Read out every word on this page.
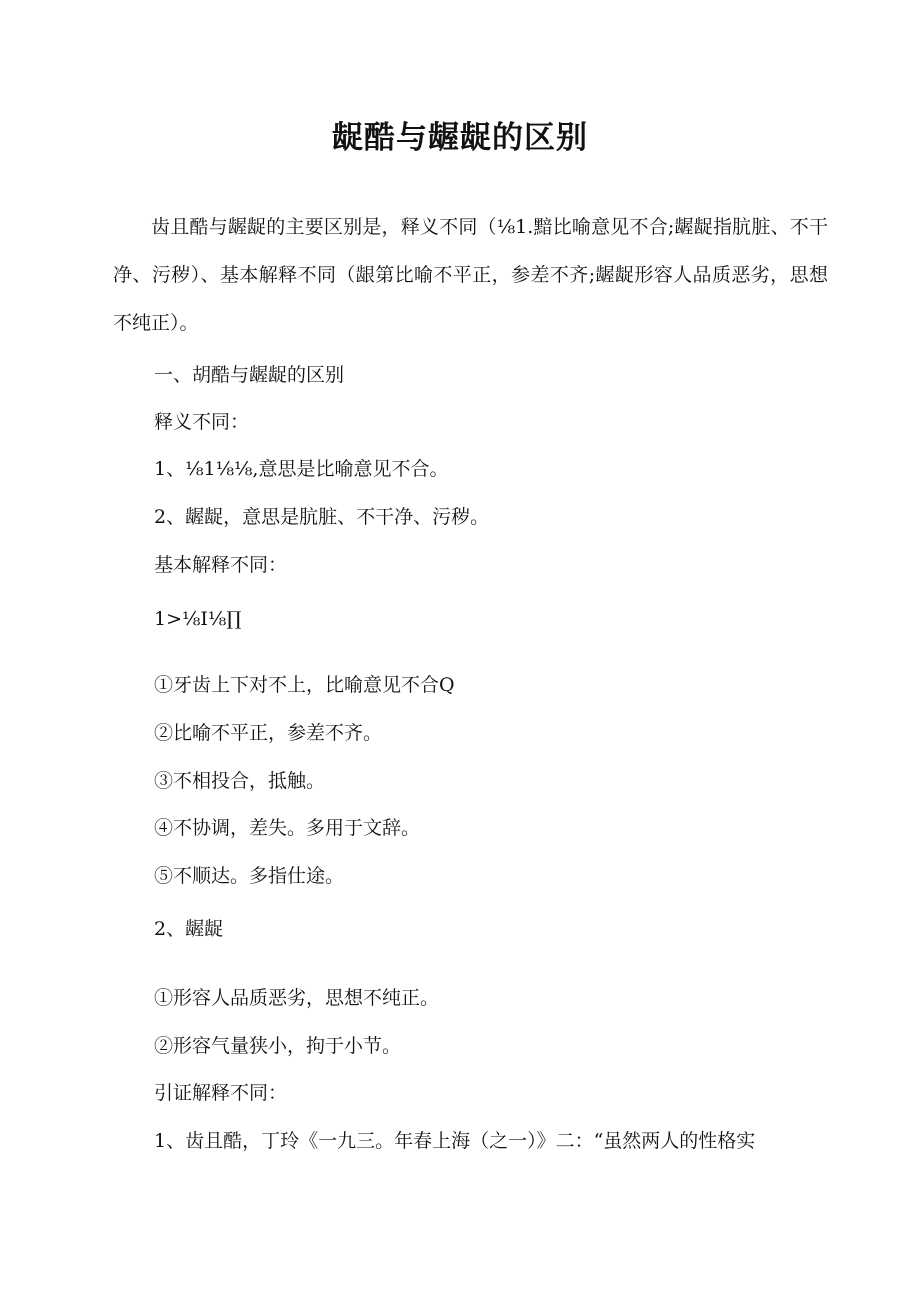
龊酷与龌龊的区别
齿且酷与龌龊的主要区别是，释义不同（⅛1.黯比喻意见不合;龌龊指肮脏、不干净、污秽）、基本解释不同（龈第比喻不平正，参差不齐;龌龊形容人品质恶劣，思想不纯正）。
一、胡酷与龌龊的区别
释义不同：
1、⅛1⅛⅛,意思是比喻意见不合。
2、龌龊，意思是肮脏、不干净、污秽。
基本解释不同：
1>⅛I⅛∏
①牙齿上下对不上，比喻意见不合Q
②比喻不平正，参差不齐。
③不相投合，抵触。
④不协调，差失。多用于文辞。
⑤不顺达。多指仕途。
2、龌龊
①形容人品质恶劣，思想不纯正。
②形容气量狭小，拘于小节。
引证解释不同：
1、齿且酷，丁玲《一九三。年春上海（之一）》二：“虽然两人的性格实
